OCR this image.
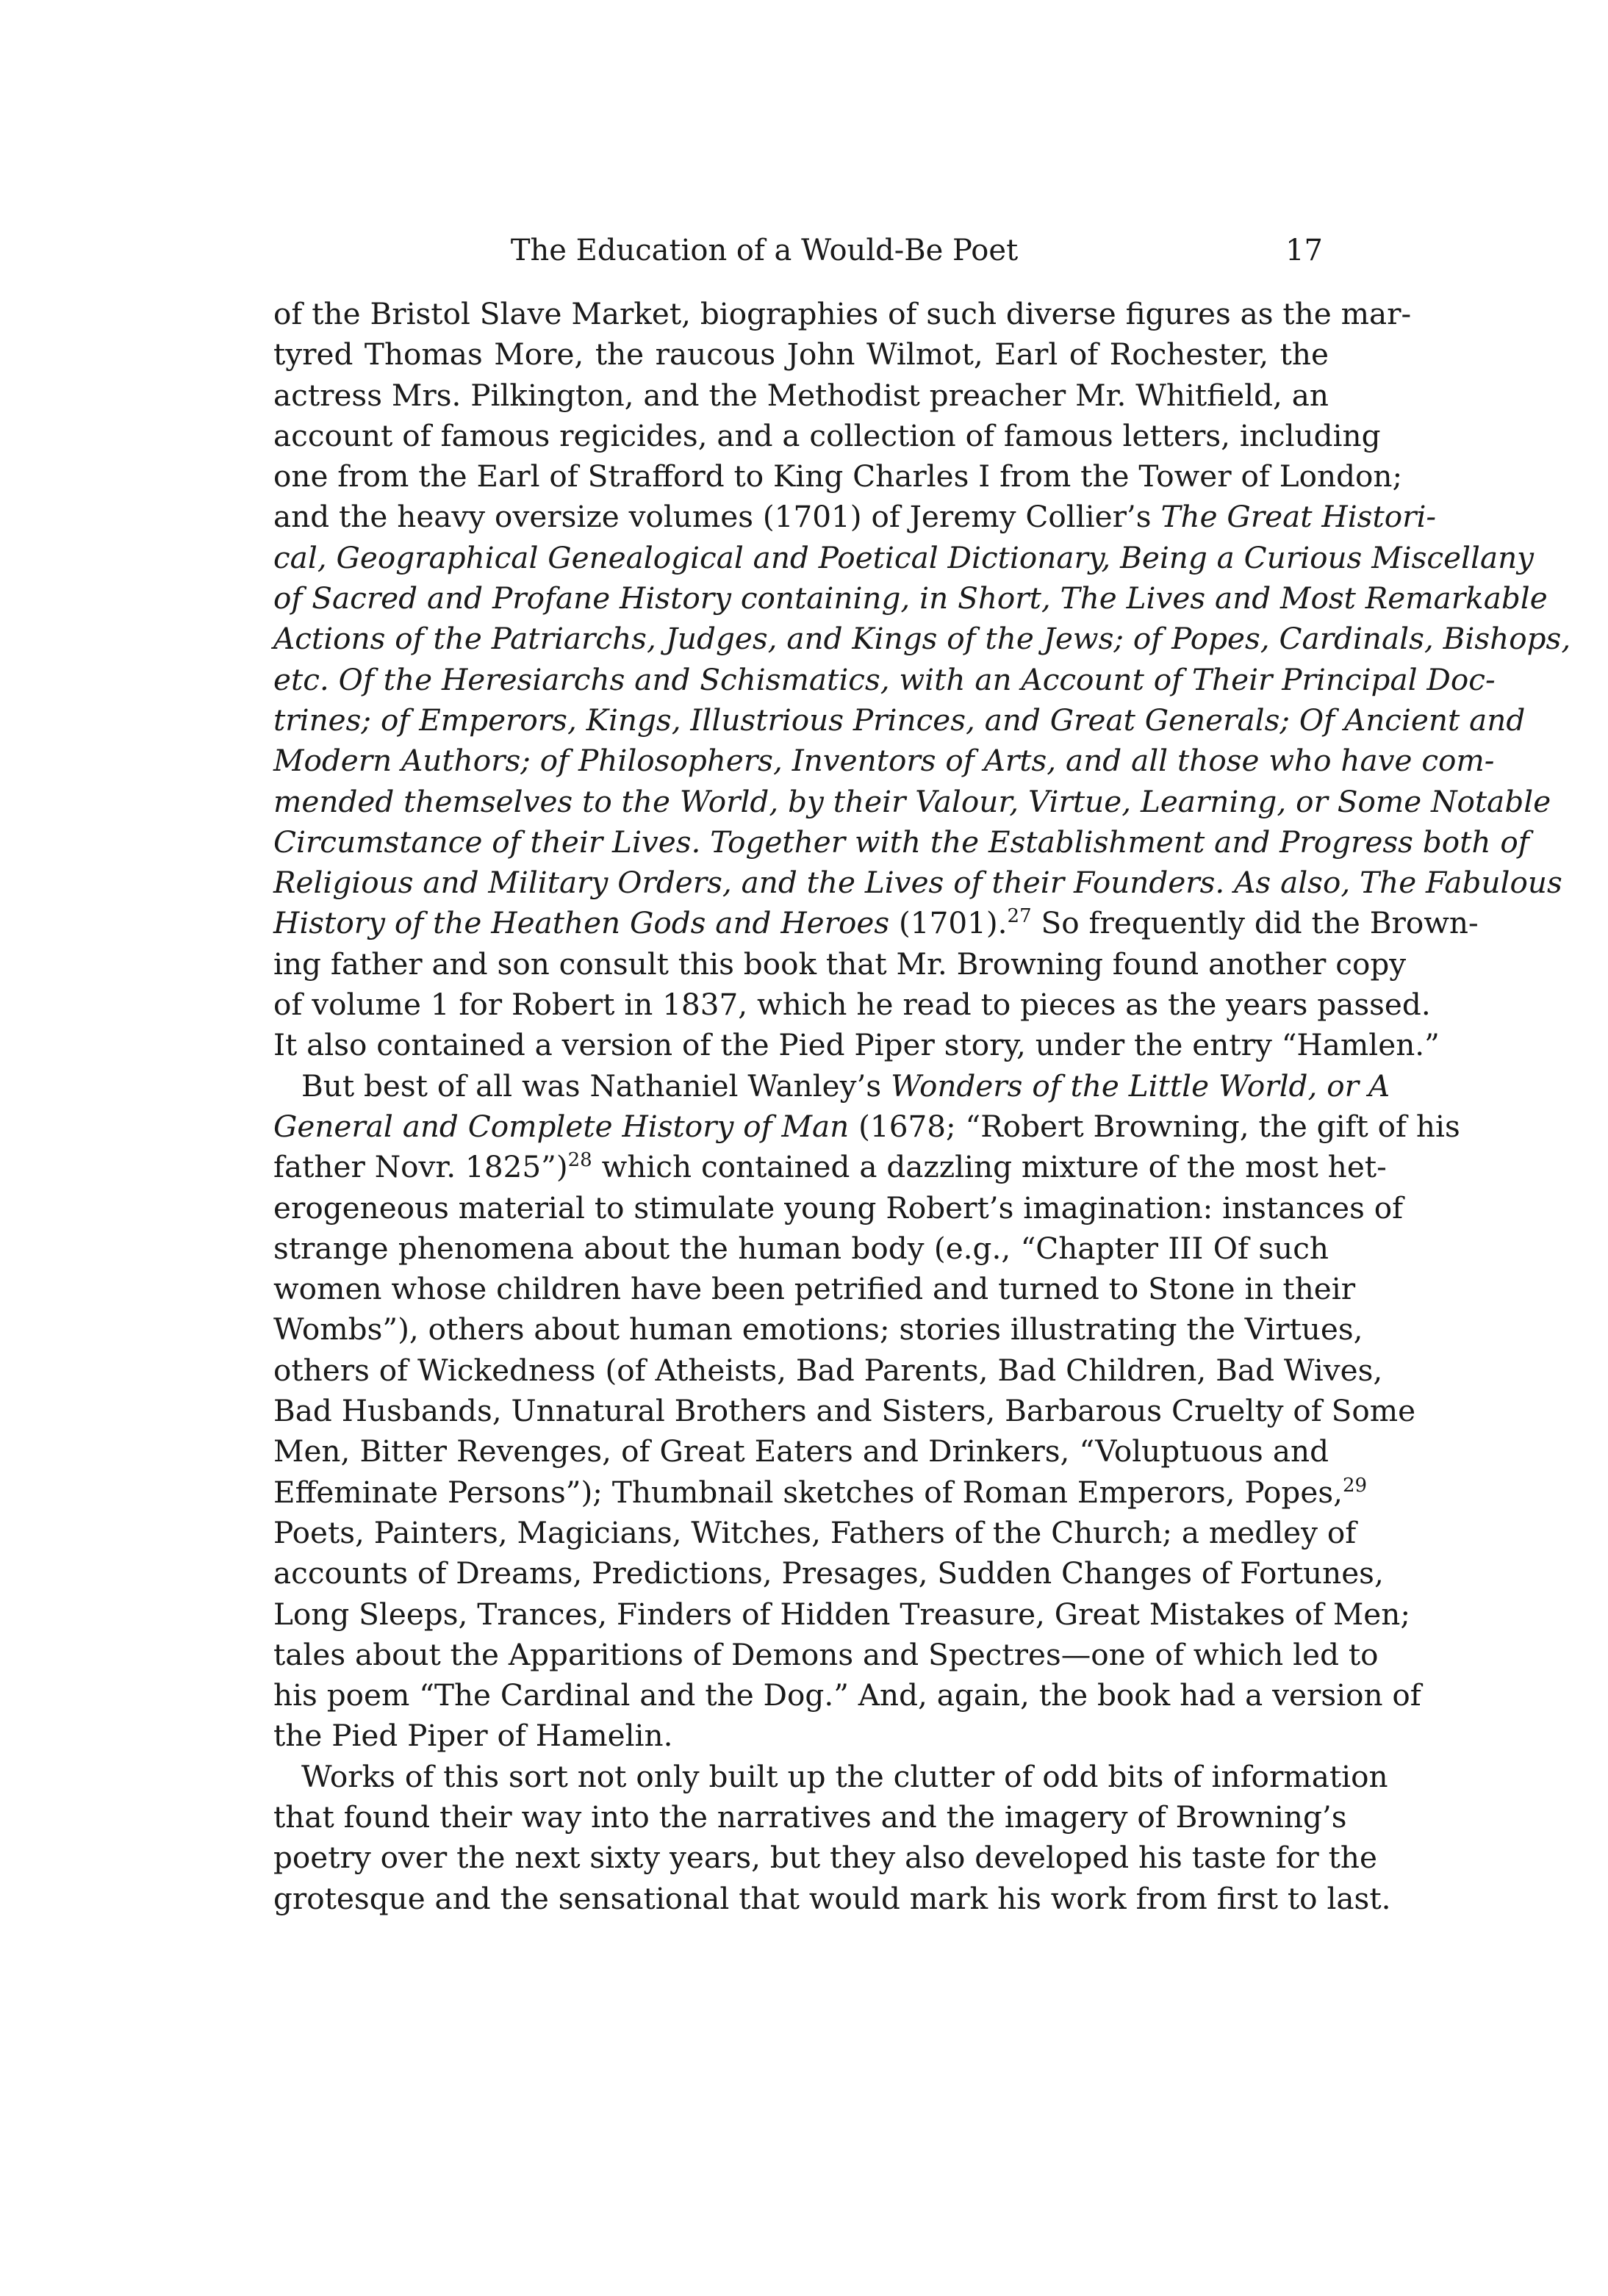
The Education of a Would-Be Poet	17

of the Bristol Slave Market, biographies of such diverse figures as the mar-
tyred Thomas More, the raucous John Wilmot, Earl of Rochester, the
actress Mrs. Pilkington, and the Methodist preacher Mr. Whitfield, an
account of famous regicides, and a collection of famous letters, including
one from the Earl of Strafford to King Charles I from the Tower of London;
and the heavy oversize volumes (1701) of Jeremy Collier’s The Great Histori-
cal, Geographical Genealogical and Poetical Dictionary, Being a Curious Miscellany
of Sacred and Profane History containing, in Short, The Lives and Most Remarkable
Actions of the Patriarchs, Judges, and Kings of the Jews; of Popes, Cardinals, Bishops,
etc. Of the Heresiarchs and Schismatics, with an Account of Their Principal Doc-
trines; of Emperors, Kings, Illustrious Princes, and Great Generals; Of Ancient and
Modern Authors; of Philosophers, Inventors of Arts, and all those who have com-
mended themselves to the World, by their Valour, Virtue, Learning, or Some Notable
Circumstance of their Lives. Together with the Establishment and Progress both of
Religious and Military Orders, and the Lives of their Founders. As also, The Fabulous
History of the Heathen Gods and Heroes (1701).$^{27}$ So frequently did the Brown-
ing father and son consult this book that Mr. Browning found another copy
of volume 1 for Robert in 1837, which he read to pieces as the years passed.
It also contained a version of the Pied Piper story, under the entry “Hamlen.”

But best of all was Nathaniel Wanley’s Wonders of the Little World, or A
General and Complete History of Man (1678; “Robert Browning, the gift of his
father Novr. 1825”)$^{28}$ which contained a dazzling mixture of the most het-
erogeneous material to stimulate young Robert’s imagination: instances of
strange phenomena about the human body (e.g., “Chapter III Of such
women whose children have been petrified and turned to Stone in their
Wombs”), others about human emotions; stories illustrating the Virtues,
others of Wickedness (of Atheists, Bad Parents, Bad Children, Bad Wives,
Bad Husbands, Unnatural Brothers and Sisters, Barbarous Cruelty of Some
Men, Bitter Revenges, of Great Eaters and Drinkers, “Voluptuous and
Effeminate Persons”); Thumbnail sketches of Roman Emperors, Popes,$^{29}$
Poets, Painters, Magicians, Witches, Fathers of the Church; a medley of
accounts of Dreams, Predictions, Presages, Sudden Changes of Fortunes,
Long Sleeps, Trances, Finders of Hidden Treasure, Great Mistakes of Men;
tales about the Apparitions of Demons and Spectres—one of which led to
his poem “The Cardinal and the Dog.” And, again, the book had a version of
the Pied Piper of Hamelin.

Works of this sort not only built up the clutter of odd bits of information
that found their way into the narratives and the imagery of Browning’s
poetry over the next sixty years, but they also developed his taste for the
grotesque and the sensational that would mark his work from first to last.
